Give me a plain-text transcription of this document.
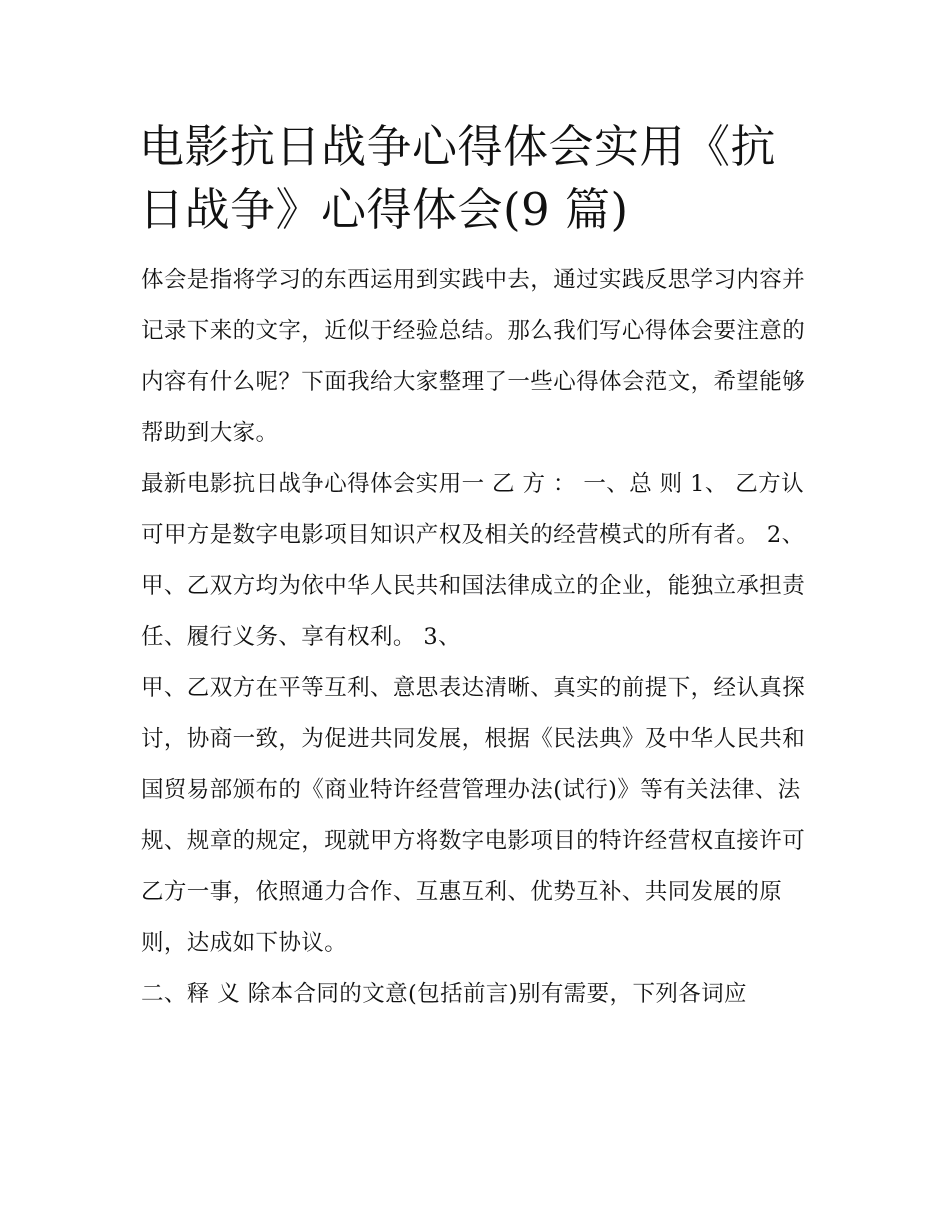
电影抗日战争心得体会实用《抗日战争》心得体会(9 篇)

体会是指将学习的东西运用到实践中去，通过实践反思学习内容并记录下来的文字，近似于经验总结。那么我们写心得体会要注意的内容有什么呢？下面我给大家整理了一些心得体会范文，希望能够帮助到大家。

最新电影抗日战争心得体会实用一 乙 方 ： 一、总 则 1、 乙方认可甲方是数字电影项目知识产权及相关的经营模式的所有者。 2、

甲、乙双方均为依中华人民共和国法律成立的企业，能独立承担责任、履行义务、享有权利。 3、

甲、乙双方在平等互利、意思表达清晰、真实的前提下，经认真探讨，协商一致，为促进共同发展，根据《民法典》及中华人民共和国贸易部颁布的《商业特许经营管理办法(试行)》等有关法律、法规、规章的规定，现就甲方将数字电影项目的特许经营权直接许可乙方一事，依照通力合作、互惠互利、优势互补、共同发展的原则，达成如下协议。

二、释 义 除本合同的文意(包括前言)别有需要，下列各词应
